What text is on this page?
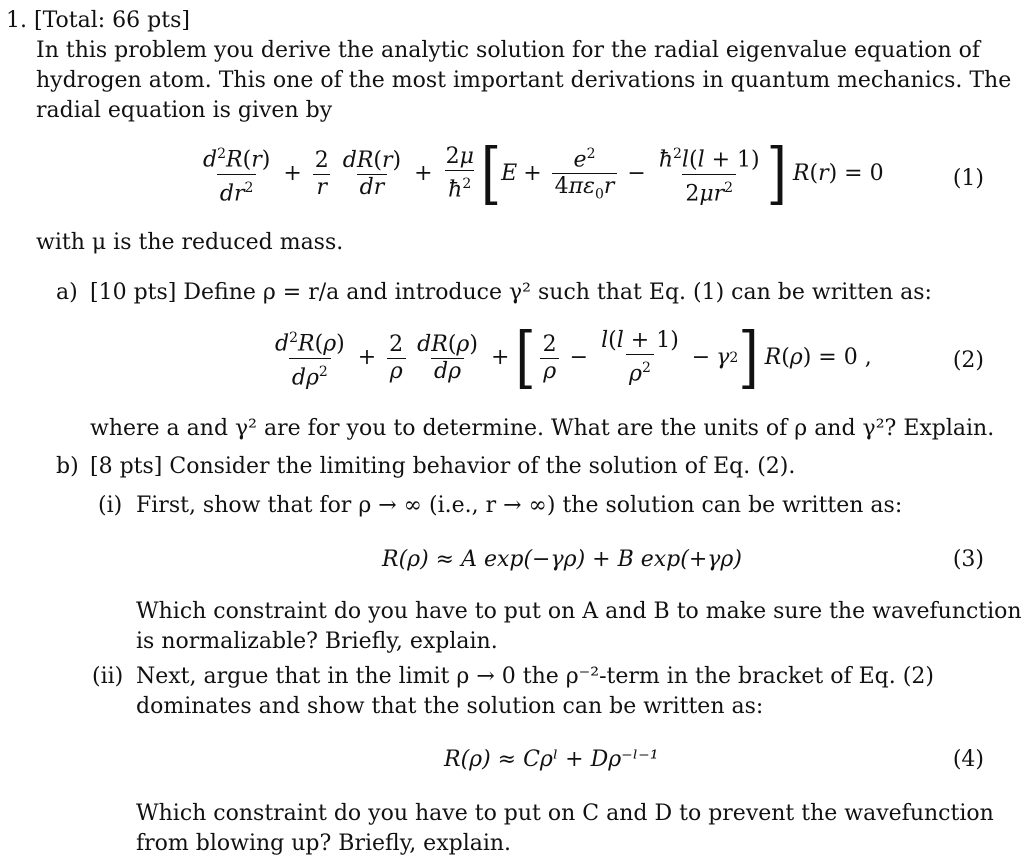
1. [Total: 66 pts]
In this problem you derive the analytic solution for the radial eigenvalue equation of
hydrogen atom. This one of the most important derivations in quantum mechanics. The
radial equation is given by
$\frac{d^2R(r)}{dr^2} + \frac{2}{r} \frac{dR(r)}{dr} + \frac{2\mu}{ħ^2}$ [ $E + \frac{e^2}{4\pi\varepsilon_0r} - \frac{ħ^2l(l + 1)}{2\mu r^2}$ ] R(r) = 0	(1)
with μ is the reduced mass.
a) [10 pts] Define ρ = r/a and introduce γ² such that Eq. (1) can be written as:
$\frac{d^2R(\rho)}{d\rho^2} + \frac{2}{\rho} \frac{dR(\rho)}{d\rho}$ + [ $\frac{2}{\rho} - \frac{l(l + 1)}{\rho^2} - \gamma$ 2 ] R(ρ) = 0 ,	(2)
where a and γ² are for you to determine. What are the units of ρ and γ²? Explain.
b) [8 pts] Consider the limiting behavior of the solution of Eq. (2).
(i) First, show that for ρ → ∞ (i.e., r → ∞) the solution can be written as:
R(ρ) ≈ A exp(−γρ) + B exp(+γρ)	(3)
Which constraint do you have to put on A and B to make sure the wavefunction
is normalizable? Briefly, explain.
(ii) Next, argue that in the limit ρ → 0 the ρ⁻²-term in the bracket of Eq. (2)
dominates and show that the solution can be written as:
R(ρ) ≈ Cρˡ + Dρ⁻ˡ⁻¹	(4)
Which constraint do you have to put on C and D to prevent the wavefunction
from blowing up? Briefly, explain.
